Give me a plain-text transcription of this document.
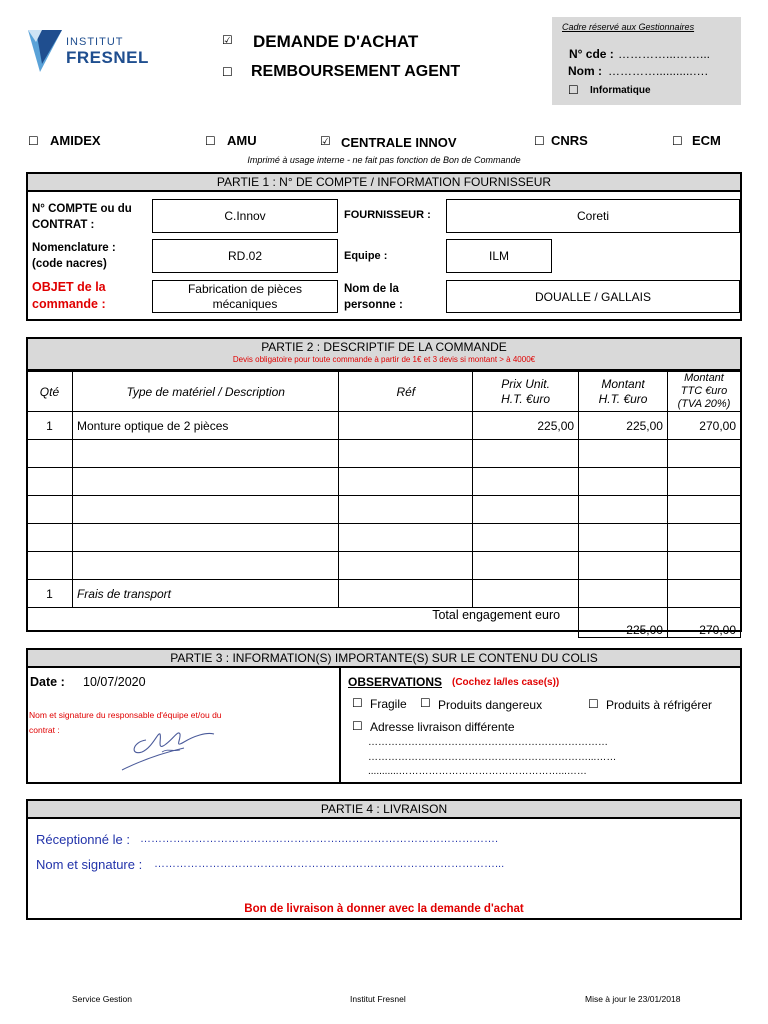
INSTITUT
FRESNEL
☑ DEMANDE D'ACHAT
☐ REMBOURSEMENT AGENT
Cadre réservé aux Gestionnaires
N° cde : …………...……...
Nom : …………...........….
☐ Informatique
☐ AMIDEX	☐ AMU	☑ CENTRALE INNOV	☐ CNRS	☐ ECM
Imprimé à usage interne - ne fait pas fonction de Bon de Commande
PARTIE 1 : N° DE COMPTE / INFORMATION FOURNISSEUR
N° COMPTE ou du CONTRAT :
C.Innov	FOURNISSEUR :	Coreti
Nomenclature : (code nacres)
RD.02	Equipe :	ILM
OBJET de la commande :
Fabrication de pièces mécaniques
Nom de la personne :
DOUALLE / GALLAIS
PARTIE 2 : DESCRIPTIF DE LA COMMANDE
Devis obligatoire pour toute commande à partir de 1€ et 3 devis si montant > à 4000€
Qté	Type de matériel / Description	Réf	Prix Unit. H.T. €uro	Montant H.T. €uro	Montant TTC €uro
(TVA 20%)

1	Monture optique de 2 pièces		225,00	225,00	270,00

1	Frais de transport				
Total engagement euro				225,00	270,00
PARTIE 3 : INFORMATION(S) IMPORTANTE(S) SUR LE CONTENU DU COLIS
Date : 10/07/2020
Nom et signature du responsable d'équipe et/ou du contrat :
OBSERVATIONS (Cochez la/les case(s))
☐ Fragile ☐ Produits dangereux	☐ Produits à réfrigérer
☐ Adresse livraison différente
………………………………………………………………
…………………………………………………………...……
...........…………………………………………...……
PARTIE 4 : LIVRAISON
Réceptionné le : ……………………………………………….…………………………………….
Nom et signature : …………………………………………………………………………………...
Bon de livraison à donner avec la demande d'achat
Service Gestion	Institut Fresnel	Mise à jour le 23/01/2018
